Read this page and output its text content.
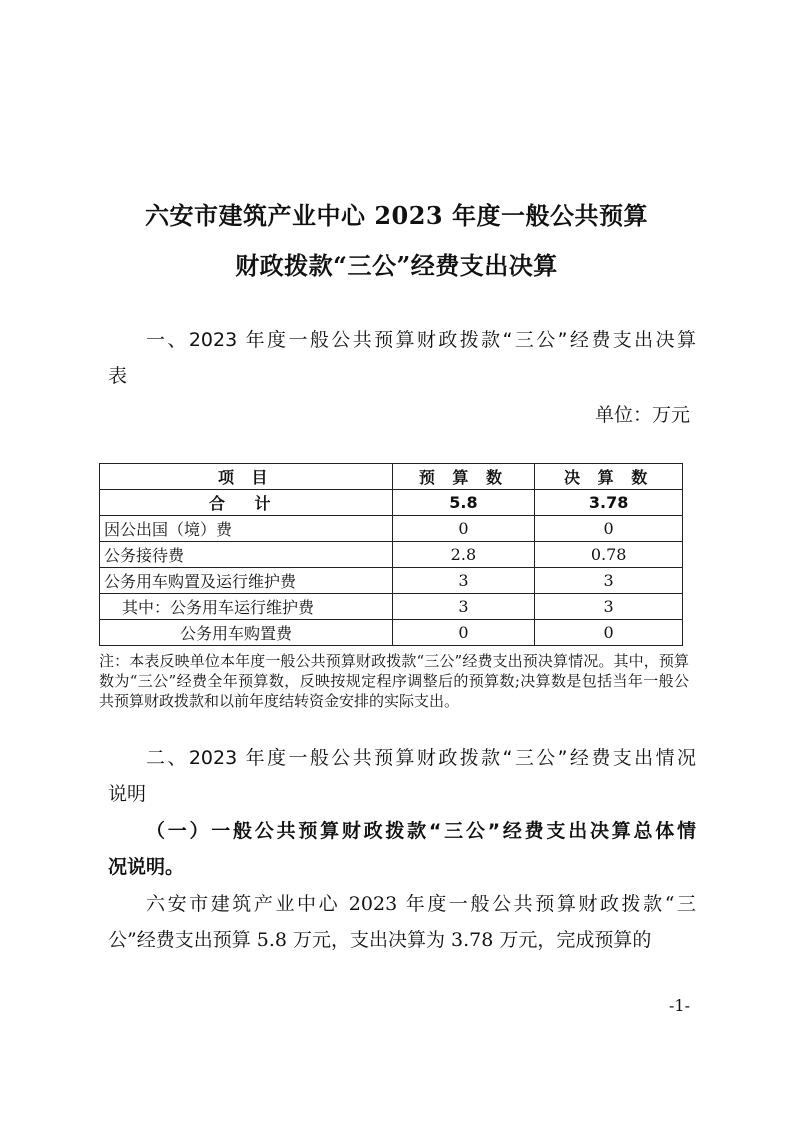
六安市建筑产业中心 2023 年度一般公共预算
财政拨款“三公”经费支出决算
一、2023 年度一般公共预算财政拨款“三公”经费支出决算
表
单位：万元
项 目	预 算 数	决 算 数
合 计	5.8	3.78
因公出国（境）费	0	0
公务接待费	2.8	0.78
公务用车购置及运行维护费	3	3
其中：公务用车运行维护费	3	3
公务用车购置费	0	0
注：本表反映单位本年度一般公共预算财政拨款“三公”经费支出预决算情况。其中，预算数为“三公”经费全年预算数，反映按规定程序调整后的预算数;决算数是包括当年一般公共预算财政拨款和以前年度结转资金安排的实际支出。
二、2023 年度一般公共预算财政拨款“三公”经费支出情况
说明
（一）一般公共预算财政拨款“三公”经费支出决算总体情
况说明。
六安市建筑产业中心 2023 年度一般公共预算财政拨款“三
公”经费支出预算 5.8 万元，支出决算为 3.78 万元，完成预算的
-1-
